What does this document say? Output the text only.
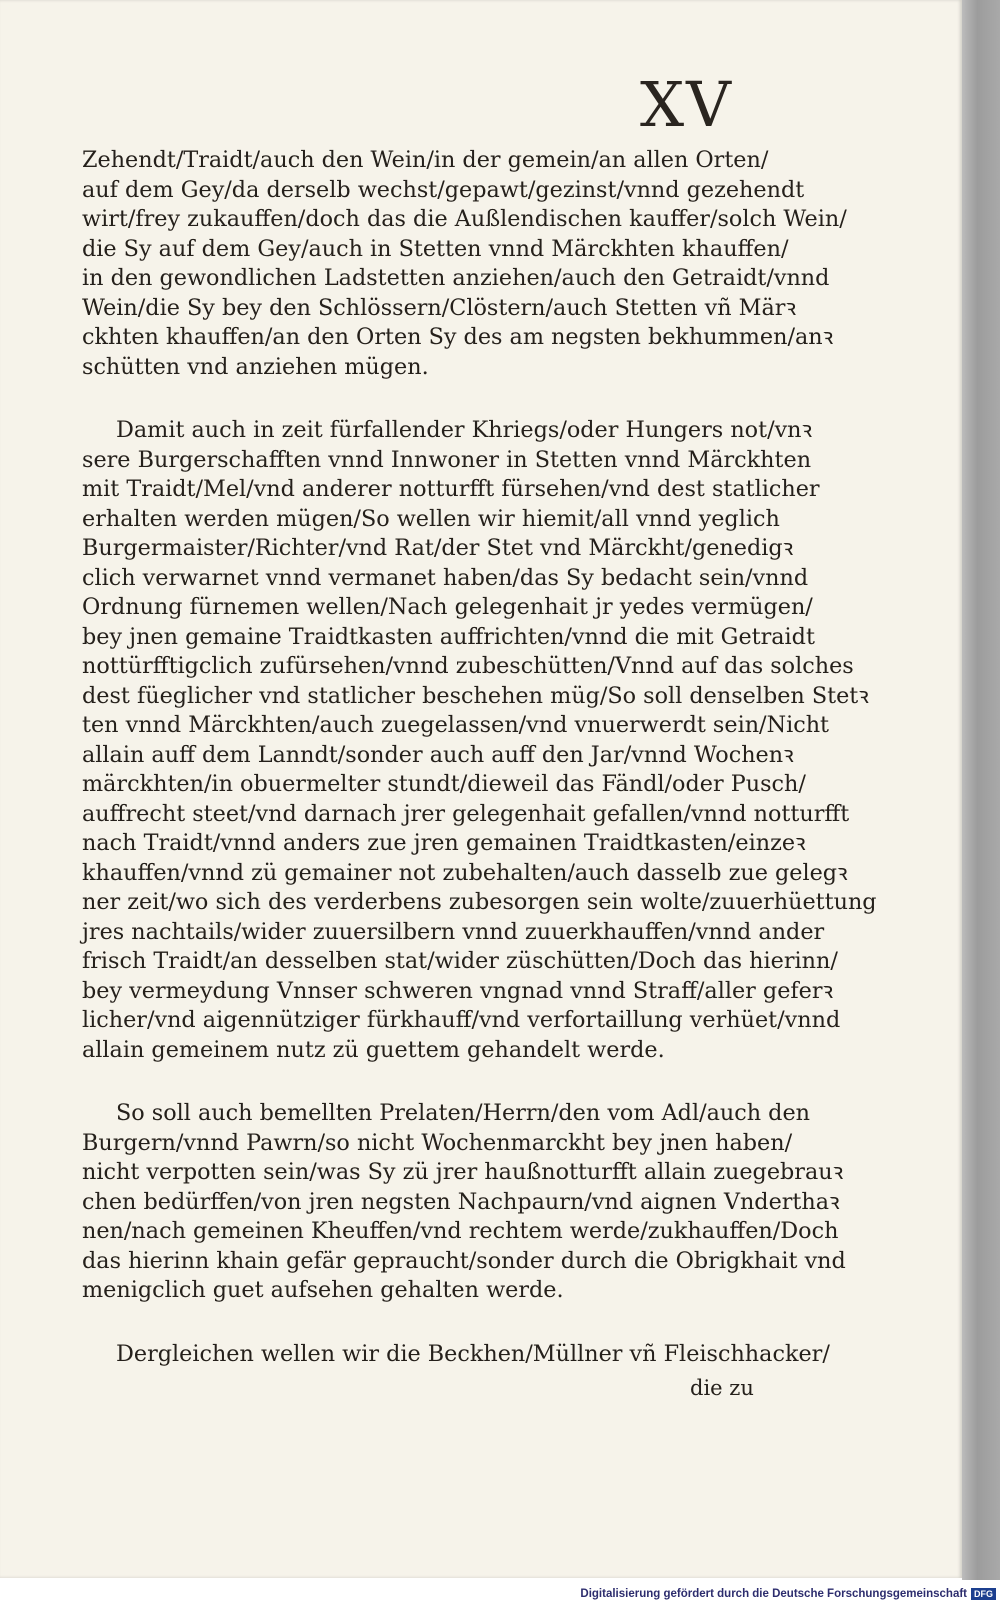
XV
Zehendt/Traidt/auch den Wein/in der gemein/an allen Orten/
auf dem Gey/da derselb wechst/gepawt/gezinst/vnnd gezehendt
wirt/frey zukauffen/doch das die Außlendischen kauffer/solch Wein/
die Sy auf dem Gey/auch in Stetten vnnd Märckhten khauffen/
in den gewondlichen Ladstetten anziehen/auch den Getraidt/vnnd
Wein/die Sy bey den Schlössern/Clöstern/auch Stetten vñ Märꝛ
ckhten khauffen/an den Orten Sy des am negsten bekhummen/anꝛ
schütten vnd anziehen mügen.
Damit auch in zeit fürfallender Khriegs/oder Hungers not/vnꝛ
sere Burgerschafften vnnd Innwoner in Stetten vnnd Märckhten
mit Traidt/Mel/vnd anderer notturfft fürsehen/vnd dest statlicher
erhalten werden mügen/So wellen wir hiemit/all vnnd yeglich
Burgermaister/Richter/vnd Rat/der Stet vnd Märckht/genedigꝛ
clich verwarnet vnnd vermanet haben/das Sy bedacht sein/vnnd
Ordnung fürnemen wellen/Nach gelegenhait jr yedes vermügen/
bey jnen gemaine Traidtkasten auffrichten/vnnd die mit Getraidt
nottürfftigclich zufürsehen/vnnd zubeschütten/Vnnd auf das solches
dest füeglicher vnd statlicher beschehen müg/So soll denselben Stetꝛ
ten vnnd Märckhten/auch zuegelassen/vnd vnuerwerdt sein/Nicht
allain auff dem Lanndt/sonder auch auff den Jar/vnnd Wochenꝛ
märckhten/in obuermelter stundt/dieweil das Fändl/oder Pusch/
auffrecht steet/vnd darnach jrer gelegenhait gefallen/vnnd notturfft
nach Traidt/vnnd anders zue jren gemainen Traidtkasten/einzeꝛ
khauffen/vnnd zü gemainer not zubehalten/auch dasselb zue gelegꝛ
ner zeit/wo sich des verderbens zubesorgen sein wolte/zuuerhüettung
jres nachtails/wider zuuersilbern vnnd zuuerkhauffen/vnnd ander
frisch Traidt/an desselben stat/wider züschütten/Doch das hierinn/
bey vermeydung Vnnser schweren vngnad vnnd Straff/aller geferꝛ
licher/vnd aigennütziger fürkhauff/vnd verfortaillung verhüet/vnnd
allain gemeinem nutz zü guettem gehandelt werde.
So soll auch bemellten Prelaten/Herrn/den vom Adl/auch den
Burgern/vnnd Pawrn/so nicht Wochenmarckht bey jnen haben/
nicht verpotten sein/was Sy zü jrer haußnotturfft allain zuegebrauꝛ
chen bedürffen/von jren negsten Nachpaurn/vnd aignen Vnderthaꝛ
nen/nach gemeinen Kheuffen/vnd rechtem werde/zukhauffen/Doch
das hierinn khain gefär gepraucht/sonder durch die Obrigkhait vnd
menigclich guet aufsehen gehalten werde.
Dergleichen wellen wir die Beckhen/Müllner vñ Fleischhacker/
die zu
Digitalisierung gefördert durch die Deutsche Forschungsgemeinschaft DFG
